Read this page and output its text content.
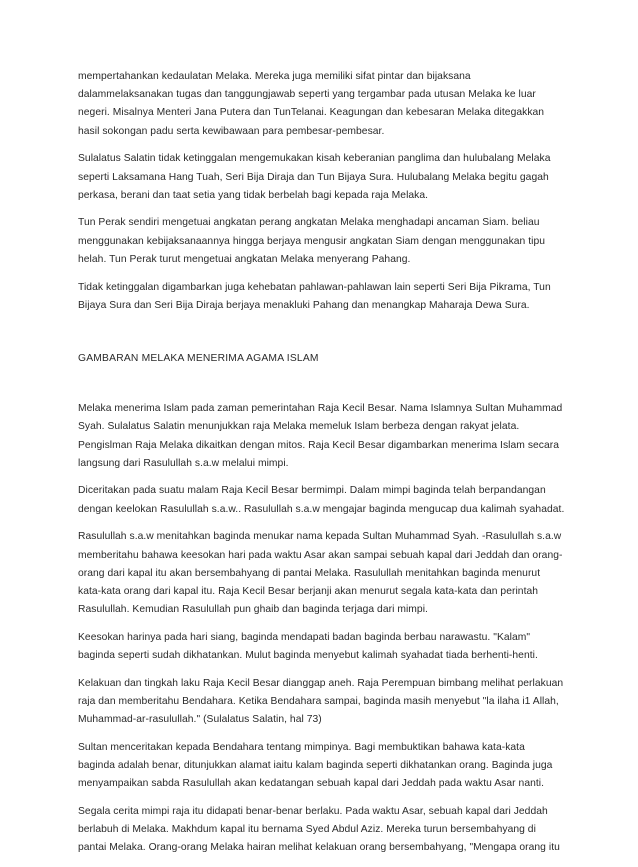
mempertahankan kedaulatan Melaka. Mereka juga memiliki sifat pintar dan bijaksana
dalammelaksanakan tugas dan tanggungjawab seperti yang tergambar pada utusan Melaka ke luar
negeri. Misalnya Menteri Jana Putera dan TunTelanai. Keagungan dan kebesaran Melaka ditegakkan
hasil sokongan padu serta kewibawaan para pembesar-pembesar.

Sulalatus Salatin tidak ketinggalan mengemukakan kisah keberanian panglima dan hulubalang Melaka
seperti Laksamana Hang Tuah, Seri Bija Diraja dan Tun Bijaya Sura. Hulubalang Melaka begitu gagah
perkasa, berani dan taat setia yang tidak berbelah bagi kepada raja Melaka.

Tun Perak sendiri mengetuai angkatan perang angkatan Melaka menghadapi ancaman Siam. beliau
menggunakan kebijaksanaannya hingga berjaya mengusir angkatan Siam dengan menggunakan tipu
helah. Tun Perak turut mengetuai angkatan Melaka menyerang Pahang.

Tidak ketinggalan digambarkan juga kehebatan pahlawan-pahlawan lain seperti Seri Bija Pikrama, Tun
Bijaya Sura dan Seri Bija Diraja berjaya menakluki Pahang dan menangkap Maharaja Dewa Sura.

GAMBARAN MELAKA MENERIMA AGAMA ISLAM

Melaka menerima Islam pada zaman pemerintahan Raja Kecil Besar. Nama Islamnya Sultan Muhammad
Syah. Sulalatus Salatin menunjukkan raja Melaka memeluk Islam berbeza dengan rakyat jelata.
Pengislman Raja Melaka dikaitkan dengan mitos. Raja Kecil Besar digambarkan menerima Islam secara
langsung dari Rasulullah s.a.w melalui mimpi.

Diceritakan pada suatu malam Raja Kecil Besar bermimpi. Dalam mimpi baginda telah berpandangan
dengan keelokan Rasulullah s.a.w.. Rasulullah s.a.w mengajar baginda mengucap dua kalimah syahadat.

Rasulullah s.a.w menitahkan baginda menukar nama kepada Sultan Muhammad Syah. -Rasulullah s.a.w
memberitahu bahawa keesokan hari pada waktu Asar akan sampai sebuah kapal dari Jeddah dan orang-
orang dari kapal itu akan bersembahyang di pantai Melaka. Rasulullah menitahkan baginda menurut
kata-kata orang dari kapal itu. Raja Kecil Besar berjanji akan menurut segala kata-kata dan perintah
Rasulullah. Kemudian Rasulullah pun ghaib dan baginda terjaga dari mimpi.

Keesokan harinya pada hari siang, baginda mendapati badan baginda berbau narawastu. "Kalam"
baginda seperti sudah dikhatankan. Mulut baginda menyebut kalimah syahadat tiada berhenti-henti.

Kelakuan dan tingkah laku Raja Kecil Besar dianggap aneh. Raja Perempuan bimbang melihat perlakuan
raja dan memberitahu Bendahara. Ketika Bendahara sampai, baginda masih menyebut "la ilaha i1 Allah,
Muhammad-ar-rasulullah." (Sulalatus Salatin, hal 73)

Sultan menceritakan kepada Bendahara tentang mimpinya. Bagi membuktikan bahawa kata-kata
baginda adalah benar, ditunjukkan alamat iaitu kalam baginda seperti dikhatankan orang. Baginda juga
menyampaikan sabda Rasulullah akan kedatangan sebuah kapal dari Jeddah pada waktu Asar nanti.

Segala cerita mimpi raja itu didapati benar-benar berlaku. Pada waktu Asar, sebuah kapal dari Jeddah
berlabuh di Melaka. Makhdum kapal itu bernama Syed Abdul Aziz. Mereka turun bersembahyang di
pantai Melaka. Orang-orang Melaka hairan melihat kelakuan orang bersembahyang, "Mengapa orang itu
